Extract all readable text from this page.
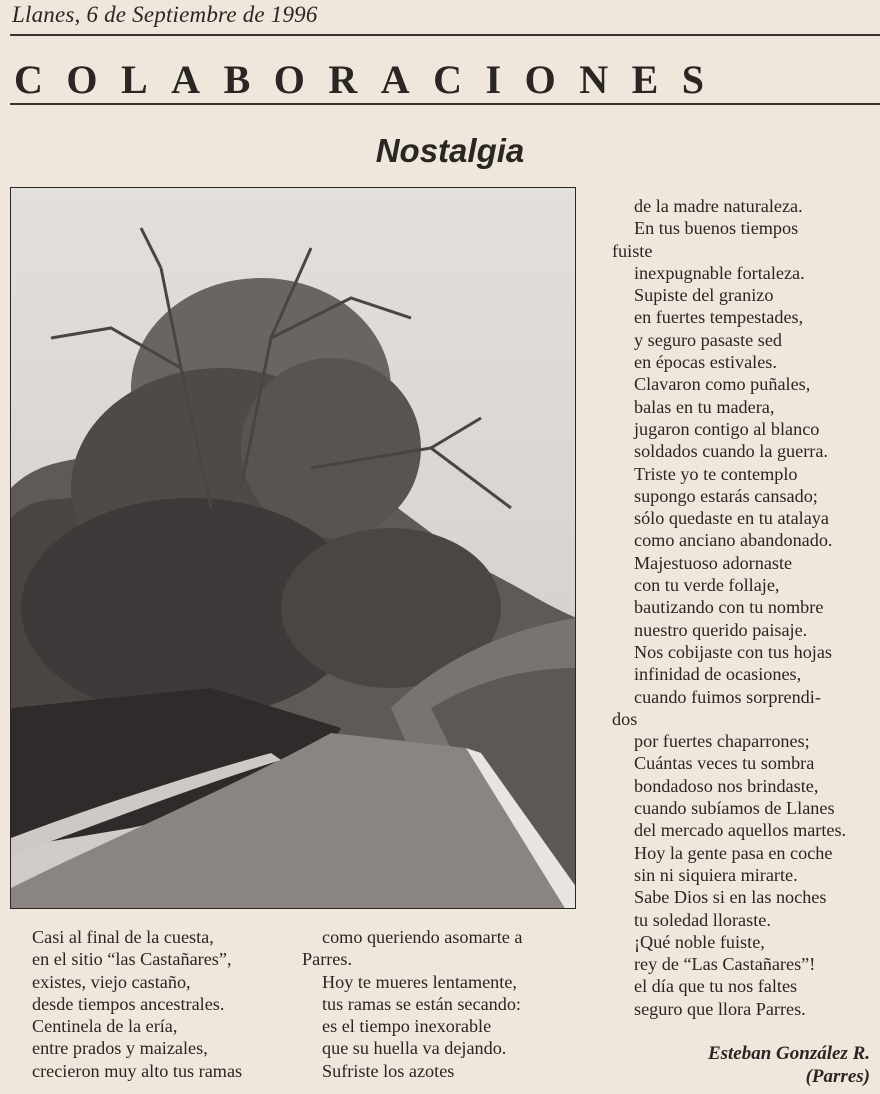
Llanes, 6 de Septiembre de 1996
COLABORACIONES
Nostalgia
Casi al final de la cuesta,
en el sitio “las Castañares”,
existes, viejo castaño,
desde tiempos ancestrales.
Centinela de la ería,
entre prados y maizales,
crecieron muy alto tus ramas
como queriendo asomarte a
Parres.
Hoy te mueres lentamente,
tus ramas se están secando:
es el tiempo inexorable
que su huella va dejando.
Sufriste los azotes
de la madre naturaleza.
En tus buenos tiempos
fuiste
inexpugnable fortaleza.
Supiste del granizo
en fuertes tempestades,
y seguro pasaste sed
en épocas estivales.
Clavaron como puñales,
balas en tu madera,
jugaron contigo al blanco
soldados cuando la guerra.
Triste yo te contemplo
supongo estarás cansado;
sólo quedaste en tu atalaya
como anciano abandonado.
Majestuoso adornaste
con tu verde follaje,
bautizando con tu nombre
nuestro querido paisaje.
Nos cobijaste con tus hojas
infinidad de ocasiones,
cuando fuimos sorprendi-
dos
por fuertes chaparrones;
Cuántas veces tu sombra
bondadoso nos brindaste,
cuando subíamos de Llanes
del mercado aquellos martes.
Hoy la gente pasa en coche
sin ni siquiera mirarte.
Sabe Dios si en las noches
tu soledad lloraste.
¡Qué noble fuiste,
rey de “Las Castañares”!
el día que tu nos faltes
seguro que llora Parres.
Esteban González R.
(Parres)
